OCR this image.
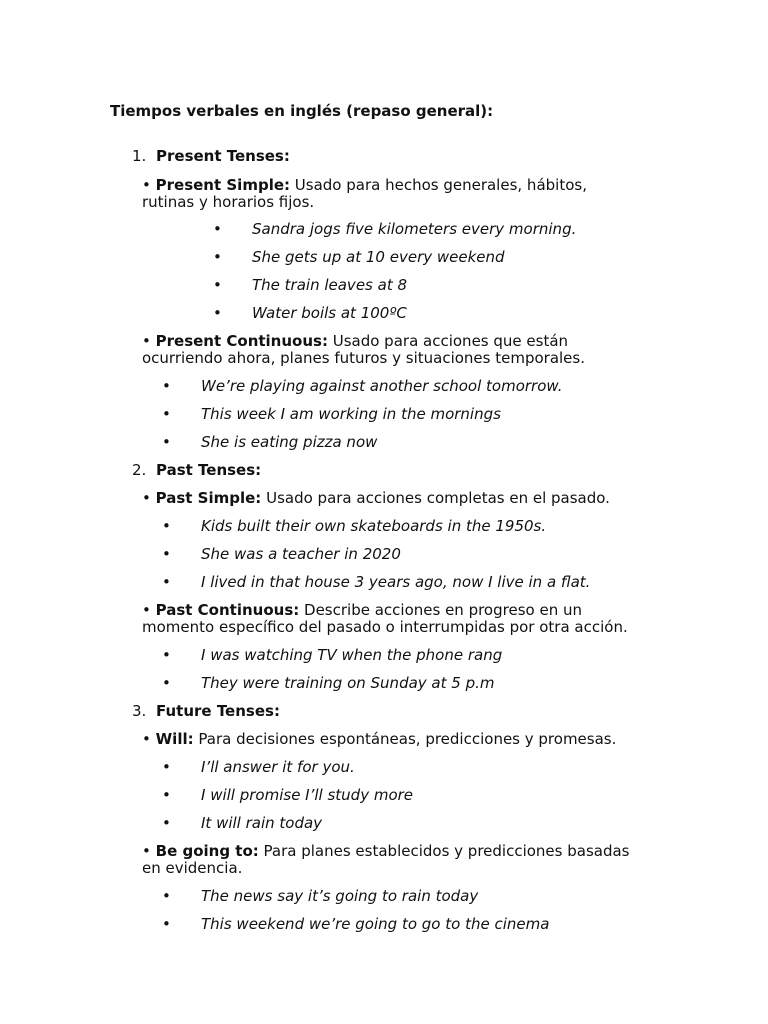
Tiempos verbales en inglés (repaso general):
1. Present Tenses:
• Present Simple: Usado para hechos generales, hábitos,
rutinas y horarios fijos.
• Sandra jogs five kilometers every morning.
• She gets up at 10 every weekend
• The train leaves at 8
• Water boils at 100ºC
• Present Continuous: Usado para acciones que están
ocurriendo ahora, planes futuros y situaciones temporales.
• We’re playing against another school tomorrow.
• This week I am working in the mornings
• She is eating pizza now
2. Past Tenses:
• Past Simple: Usado para acciones completas en el pasado.
• Kids built their own skateboards in the 1950s.
• She was a teacher in 2020
• I lived in that house 3 years ago, now I live in a flat.
• Past Continuous: Describe acciones en progreso en un
momento específico del pasado o interrumpidas por otra acción.
• I was watching TV when the phone rang
• They were training on Sunday at 5 p.m
3. Future Tenses:
• Will: Para decisiones espontáneas, predicciones y promesas.
• I’ll answer it for you.
• I will promise I’ll study more
• It will rain today
• Be going to: Para planes establecidos y predicciones basadas
en evidencia.
• The news say it’s going to rain today
• This weekend we’re going to go to the cinema
